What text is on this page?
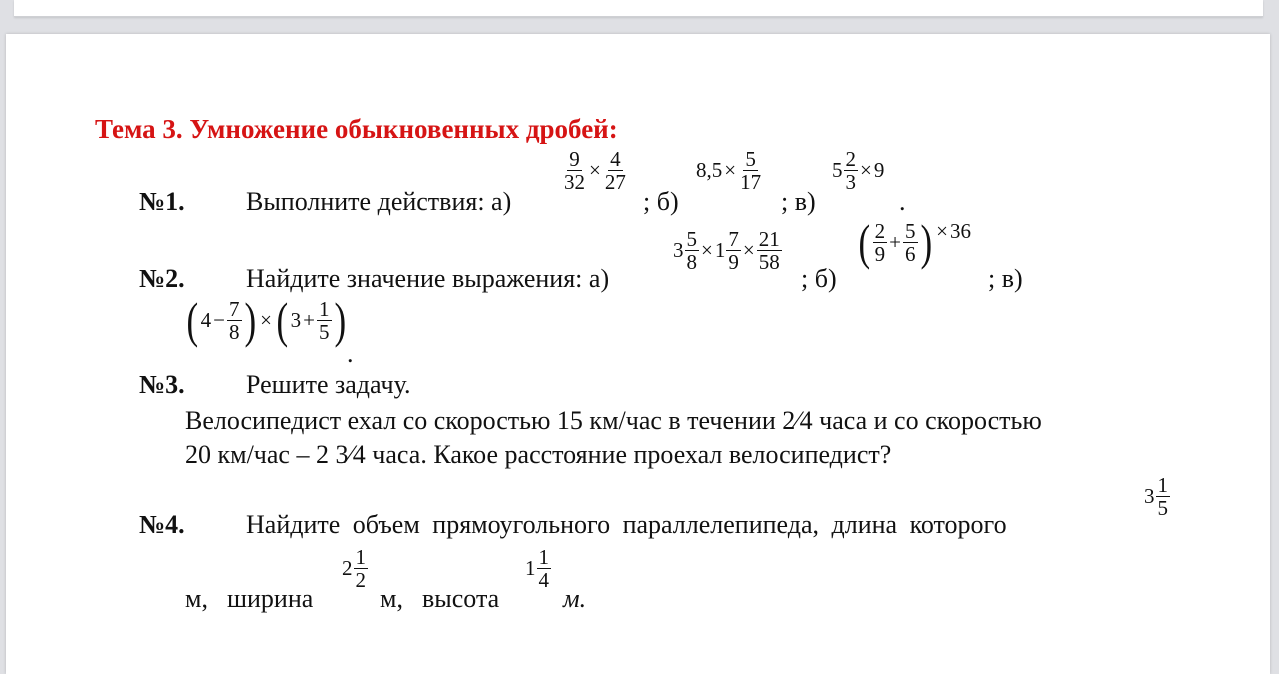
Тема 3. Умножение обыкновенных дробей:
№1. Выполните действия: а)
$\frac{9}{32} \times \frac{4}{27}$
; б)
$8,5 \times \frac{5}{17}$
; в)
$5 \frac{2}{3} \times 9$
.
№2. Найдите значение выражения: а)
$3 \frac{5}{8} \times 1 \frac{7}{9} \times \frac{21}{58}$
; б)
( $\frac{2}{9} + \frac{5}{6}$ ) × 36
; в)
( $4 - \frac{7}{8}$ ) × ( $3 + \frac{1}{5}$ )
.
№3. Решите задачу.
Велосипедист ехал со скоростью 15 км/час в течении 2⁄4 часа и со скоростью
20 км/час – 2 3⁄4 часа. Какое расстояние проехал велосипедист?
№4. Найдите объем прямоугольного параллелепипеда, длина которого
$3 \frac{1}{5}$
м, ширина
$2 \frac{1}{2}$
м, высота
$1 \frac{1}{4}$
м.
